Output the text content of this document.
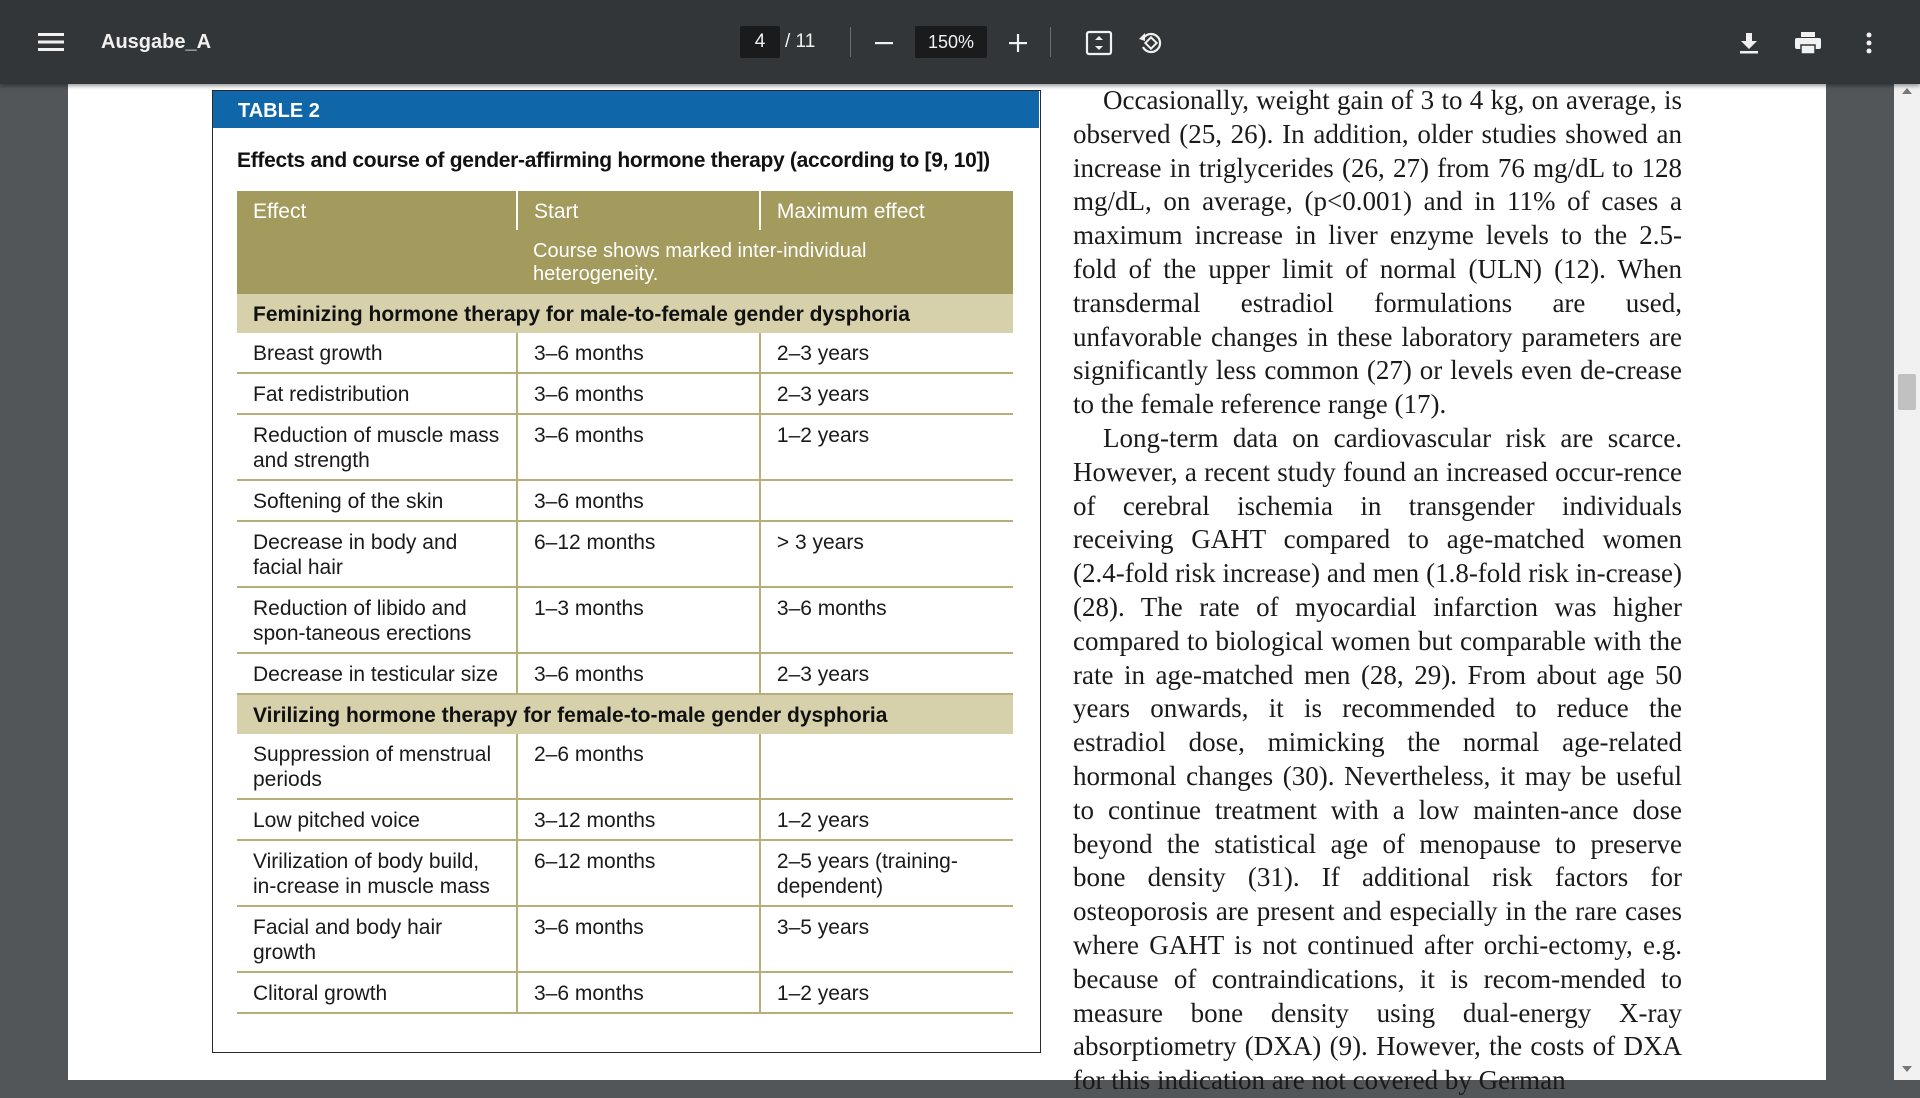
Ausgabe_A	4	/ 11	150%
TABLE 2
Effects and course of gender-affirming hormone therapy (according to [9, 10])
Effect	Start	Maximum effect
	Course shows marked inter-individual heterogeneity.	
Feminizing hormone therapy for male-to-female gender dysphoria		
Breast growth	3–6 months	2–3 years
Fat redistribution	3–6 months	2–3 years
Reduction of muscle mass and strength	3–6 months	1–2 years
Softening of the skin	3–6 months	
Decrease in body and facial hair	6–12 months	> 3 years
Reduction of libido and spon-taneous erections	1–3 months	3–6 months
Decrease in testicular size	3–6 months	2–3 years
Virilizing hormone therapy for female-to-male gender dysphoria		
Suppression of menstrual periods	2–6 months	
Low pitched voice	3–12 months	1–2 years
Virilization of body build, in-crease in muscle mass	6–12 months	2–5 years (training-dependent)
Facial and body hair growth	3–6 months	3–5 years
Clitoral growth	3–6 months	1–2 years

Occasionally, weight gain of 3 to 4 kg, on average, is observed (25, 26). In addition, older studies showed an increase in triglycerides (26, 27) from 76 mg/dL to 128 mg/dL, on average, (p<0.001) and in 11% of cases a maximum increase in liver enzyme levels to the 2.5-fold of the upper limit of normal (ULN) (12). When transdermal estradiol formulations are used, unfavorable changes in these laboratory parameters are significantly less common (27) or levels even de-crease to the female reference range (17).

Long-term data on cardiovascular risk are scarce. However, a recent study found an increased occur-rence of cerebral ischemia in transgender individuals receiving GAHT compared to age-matched women (2.4-fold risk increase) and men (1.8-fold risk in-crease) (28). The rate of myocardial infarction was higher compared to biological women but comparable with the rate in age-matched men (28, 29). From about age 50 years onwards, it is recommended to reduce the estradiol dose, mimicking the normal age-related hormonal changes (30). Nevertheless, it may be useful to continue treatment with a low mainten-ance dose beyond the statistical age of menopause to preserve bone density (31). If additional risk factors for osteoporosis are present and especially in the rare cases where GAHT is not continued after orchi-ectomy, e.g. because of contraindications, it is recom-mended to measure bone density using dual-energy X-ray absorptiometry (DXA) (9). However, the costs of DXA for this indication are not covered by German
